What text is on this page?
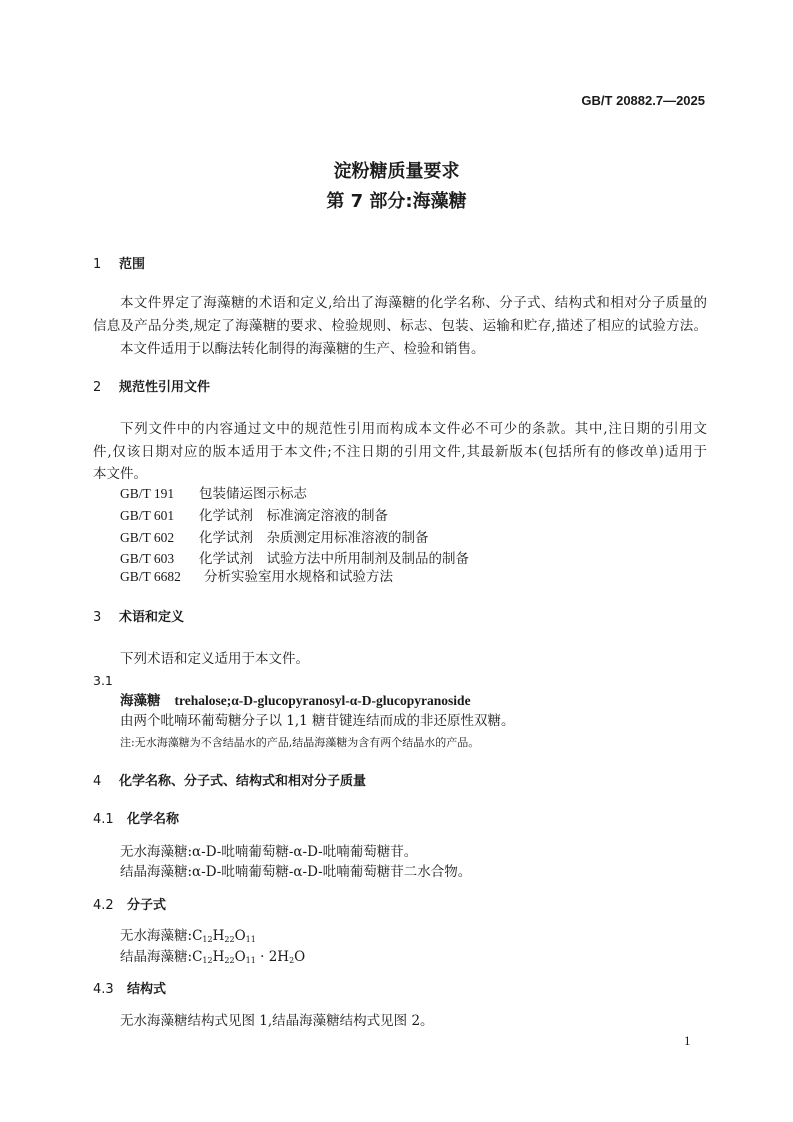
GB/T 20882.7—2025
淀粉糖质量要求
第 7 部分:海藻糖
1 范围
本文件界定了海藻糖的术语和定义,给出了海藻糖的化学名称、分子式、结构式和相对分子质量的
信息及产品分类,规定了海藻糖的要求、检验规则、标志、包装、运输和贮存,描述了相应的试验方法。
本文件适用于以酶法转化制得的海藻糖的生产、检验和销售。
2 规范性引用文件
下列文件中的内容通过文中的规范性引用而构成本文件必不可少的条款。其中,注日期的引用文
件,仅该日期对应的版本适用于本文件;不注日期的引用文件,其最新版本(包括所有的修改单)适用于
本文件。
GB/T 191 包装储运图示标志
GB/T 601 化学试剂　标准滴定溶液的制备
GB/T 602 化学试剂　杂质测定用标准溶液的制备
GB/T 603 化学试剂　试验方法中所用制剂及制品的制备
GB/T 6682 分析实验室用水规格和试验方法
3 术语和定义
下列术语和定义适用于本文件。
3.1
海藻糖 trehalose;α-D-glucopyranosyl-α-D-glucopyranoside
由两个吡喃环葡萄糖分子以 1,1 糖苷键连结而成的非还原性双糖。
注:无水海藻糖为不含结晶水的产品,结晶海藻糖为含有两个结晶水的产品。
4 化学名称、分子式、结构式和相对分子质量
4.1 化学名称
无水海藻糖:α-D-吡喃葡萄糖-α-D-吡喃葡萄糖苷。
结晶海藻糖:α-D-吡喃葡萄糖-α-D-吡喃葡萄糖苷二水合物。
4.2 分子式
无水海藻糖$:C_{12}H_{22}O_{11}$
结晶海藻糖$:C_{12}H_{22}O_{11} \cdot 2H_2O$
4.3 结构式
无水海藻糖结构式见图 1,结晶海藻糖结构式见图 2。
1
